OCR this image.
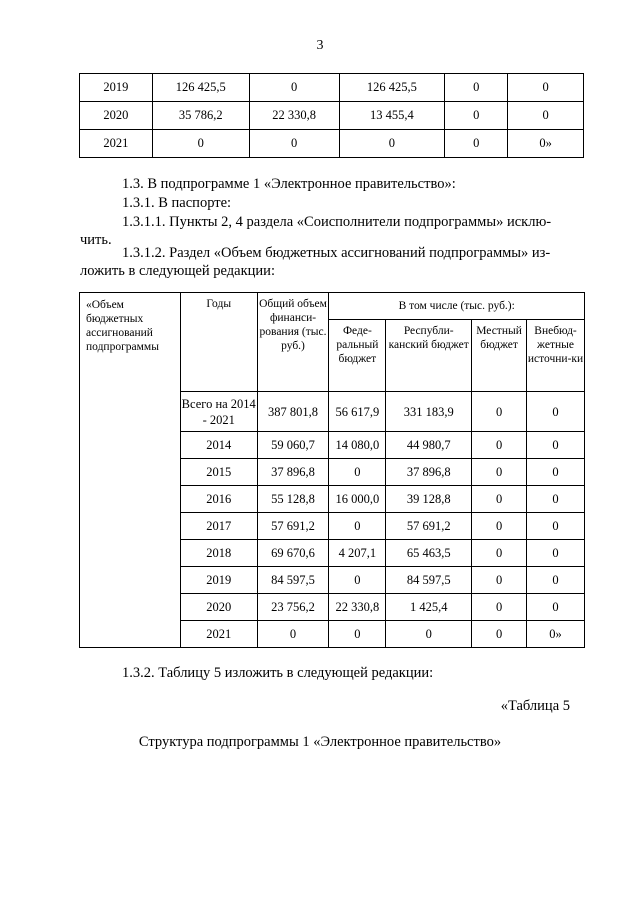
3
2019	126 425,5	0	126 425,5	0	0
2020	35 786,2	22 330,8	13 455,4	0	0
2021	0	0	0	0	0»
1.3. В подпрограмме 1 «Электронное правительство»:
1.3.1. В паспорте:
1.3.1.1. Пункты 2, 4 раздела «Соисполнители подпрограммы» исклю-
чить.
1.3.1.2. Раздел «Объем бюджетных ассигнований подпрограммы» из-
ложить в следующей редакции:
«Объем бюджетных ассигнований подпрограммы	Годы	Общий объем финанси-рования (тыс. руб.)	В том числе (тыс. руб.):			
			Феде-ральный бюджет	Республи-канский бюджет	Местный бюджет	Внебюд-жетные источни-ки
	Всего на 2014 - 2021	387 801,8	56 617,9	331 183,9	0	0
	2014	59 060,7	14 080,0	44 980,7	0	0
	2015	37 896,8	0	37 896,8	0	0
	2016	55 128,8	16 000,0	39 128,8	0	0
	2017	57 691,2	0	57 691,2	0	0
	2018	69 670,6	4 207,1	65 463,5	0	0
	2019	84 597,5	0	84 597,5	0	0
	2020	23 756,2	22 330,8	1 425,4	0	0
	2021	0	0	0	0	0»
1.3.2. Таблицу 5 изложить в следующей редакции:
«Таблица 5
Структура подпрограммы 1 «Электронное правительство»
